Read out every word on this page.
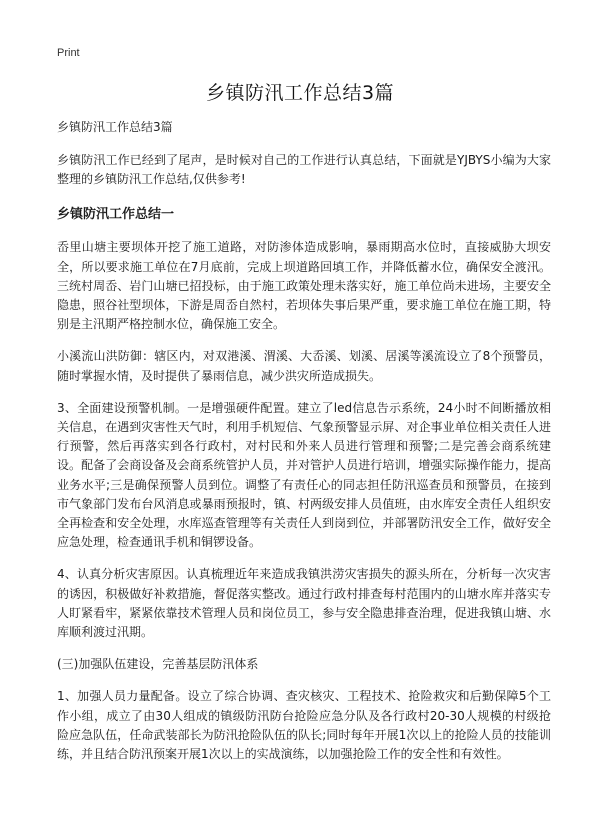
Print
乡镇防汛工作总结3篇

乡镇防汛工作总结3篇

乡镇防汛工作已经到了尾声，是时候对自己的工作进行认真总结，下面就是YJBYS小编为大家整理的乡镇防汛工作总结,仅供参考!

乡镇防汛工作总结一

岙里山塘主要坝体开挖了施工道路，对防渗体造成影响，暴雨期高水位时，直接威胁大坝安全，所以要求施工单位在7月底前，完成上坝道路回填工作，并降低蓄水位，确保安全渡汛。三统村周岙、岩门山塘已招投标，由于施工政策处理未落实好，施工单位尚未进场，主要安全隐患，照谷社型坝体，下游是周岙自然村，若坝体失事后果严重，要求施工单位在施工期，特别是主汛期严格控制水位，确保施工安全。

小溪流山洪防御：辖区内，对双港溪、渭溪、大岙溪、划溪、居溪等溪流设立了8个预警员，随时掌握水情，及时提供了暴雨信息，减少洪灾所造成损失。

3、全面建设预警机制。一是增强硬件配置。建立了led信息告示系统，24小时不间断播放相关信息，在遇到灾害性天气时，利用手机短信、气象预警显示屏、对企事业单位相关责任人进行预警，然后再落实到各行政村，对村民和外来人员进行管理和预警;二是完善会商系统建设。配备了会商设备及会商系统管护人员，并对管护人员进行培训，增强实际操作能力，提高业务水平;三是确保预警人员到位。调整了有责任心的同志担任防汛巡查员和预警员，在接到市气象部门发布台风消息或暴雨预报时，镇、村两级安排人员值班，由水库安全责任人组织安全再检查和安全处理，水库巡查管理等有关责任人到岗到位，并部署防汛安全工作，做好安全应急处理，检查通讯手机和铜锣设备。

4、认真分析灾害原因。认真梳理近年来造成我镇洪涝灾害损失的源头所在，分析每一次灾害的诱因，积极做好补救措施，督促落实整改。通过行政村排查每村范围内的山塘水库并落实专人盯紧看牢，紧紧依靠技术管理人员和岗位员工，参与安全隐患排查治理，促进我镇山塘、水库顺利渡过汛期。

(三)加强队伍建设，完善基层防汛体系

1、加强人员力量配备。设立了综合协调、查灾核灾、工程技术、抢险救灾和后勤保障5个工作小组，成立了由30人组成的镇级防汛防台抢险应急分队及各行政村20-30人规模的村级抢险应急队伍，任命武装部长为防汛抢险队伍的队长;同时每年开展1次以上的抢险人员的技能训练，并且结合防汛预案开展1次以上的实战演练，以加强抢险工作的安全性和有效性。
